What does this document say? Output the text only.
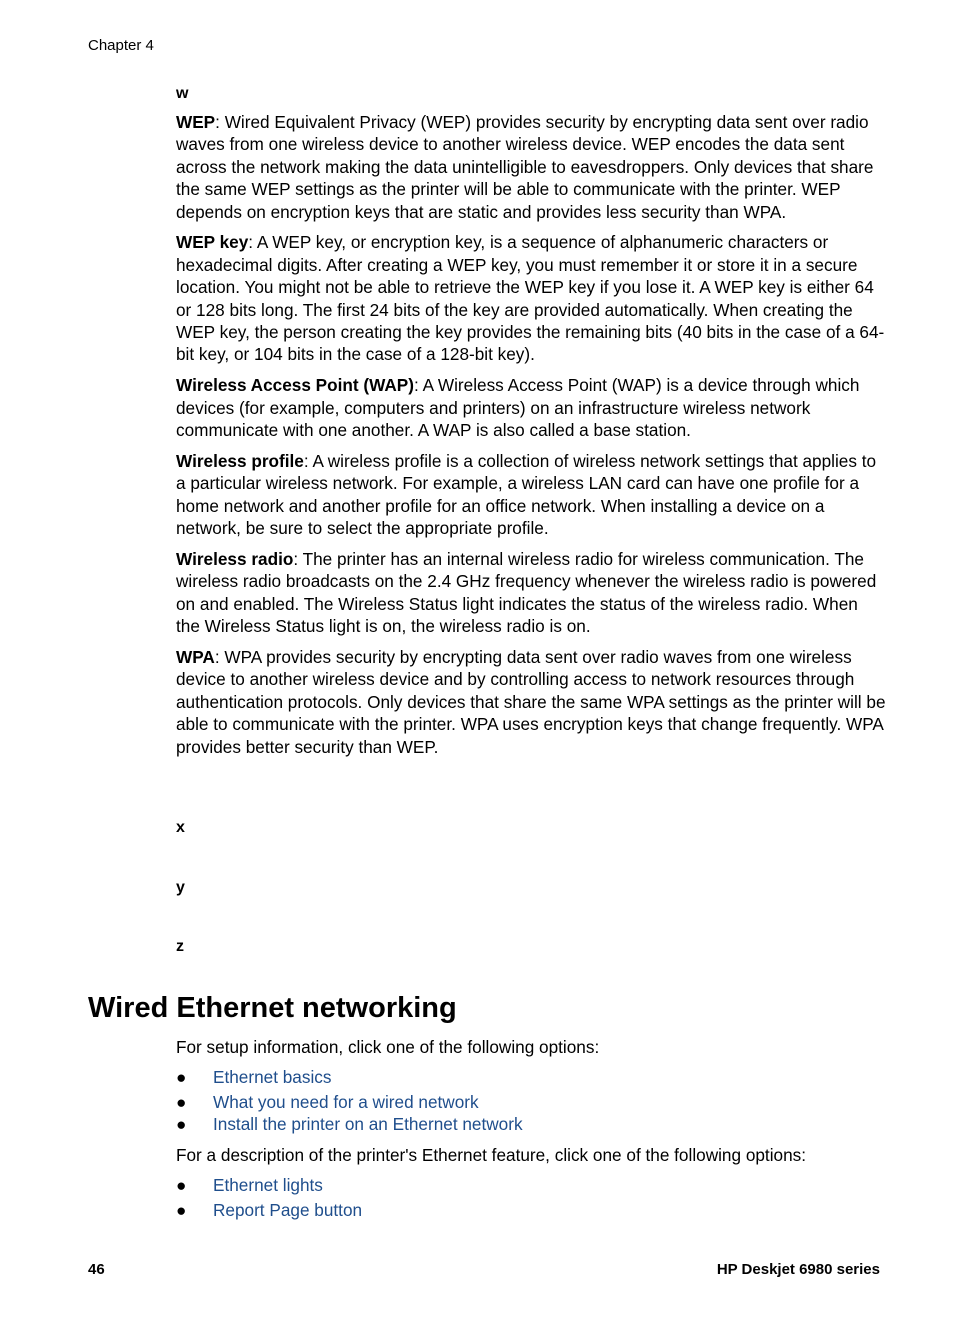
Chapter 4
w

WEP: Wired Equivalent Privacy (WEP) provides security by encrypting data sent over radio waves from one wireless device to another wireless device. WEP encodes the data sent across the network making the data unintelligible to eavesdroppers. Only devices that share the same WEP settings as the printer will be able to communicate with the printer. WEP depends on encryption keys that are static and provides less security than WPA.

WEP key: A WEP key, or encryption key, is a sequence of alphanumeric characters or hexadecimal digits. After creating a WEP key, you must remember it or store it in a secure location. You might not be able to retrieve the WEP key if you lose it. A WEP key is either 64 or 128 bits long. The first 24 bits of the key are provided automatically. When creating the WEP key, the person creating the key provides the remaining bits (40 bits in the case of a 64-bit key, or 104 bits in the case of a 128-bit key).

Wireless Access Point (WAP): A Wireless Access Point (WAP) is a device through which devices (for example, computers and printers) on an infrastructure wireless network communicate with one another. A WAP is also called a base station.

Wireless profile: A wireless profile is a collection of wireless network settings that applies to a particular wireless network. For example, a wireless LAN card can have one profile for a home network and another profile for an office network. When installing a device on a network, be sure to select the appropriate profile.

Wireless radio: The printer has an internal wireless radio for wireless communication. The wireless radio broadcasts on the 2.4 GHz frequency whenever the wireless radio is powered on and enabled. The Wireless Status light indicates the status of the wireless radio. When the Wireless Status light is on, the wireless radio is on.

WPA: WPA provides security by encrypting data sent over radio waves from one wireless device to another wireless device and by controlling access to network resources through authentication protocols. Only devices that share the same WPA settings as the printer will be able to communicate with the printer. WPA uses encryption keys that change frequently. WPA provides better security than WEP.

x
y
z
Wired Ethernet networking
For setup information, click one of the following options:
● Ethernet basics
● What you need for a wired network
● Install the printer on an Ethernet network
For a description of the printer's Ethernet feature, click one of the following options:
● Ethernet lights
● Report Page button
46	HP Deskjet 6980 series
